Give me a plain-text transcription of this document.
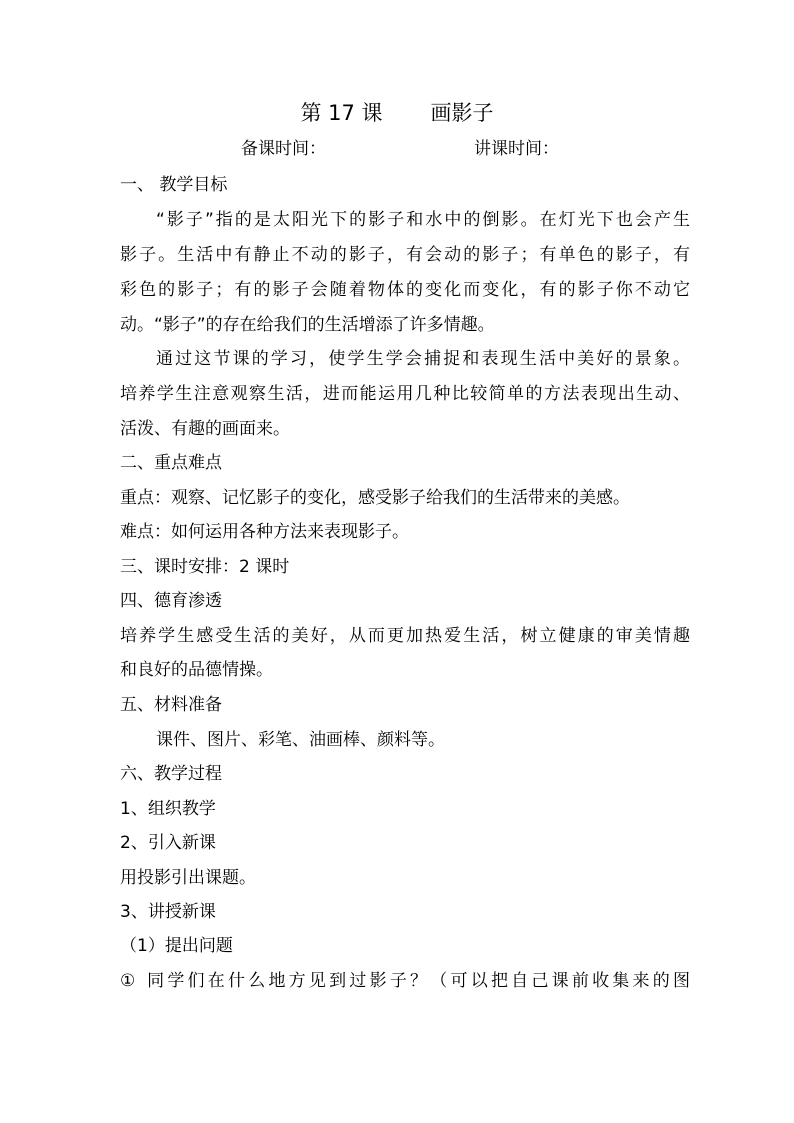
第 17 课 画影子
备课时间：	讲课时间：
一、 教学目标
“影子”指的是太阳光下的影子和水中的倒影。在灯光下也会产生
影子。生活中有静止不动的影子，有会动的影子；有单色的影子，有
彩色的影子；有的影子会随着物体的变化而变化，有的影子你不动它
动。“影子”的存在给我们的生活增添了许多情趣。
通过这节课的学习，使学生学会捕捉和表现生活中美好的景象。
培养学生注意观察生活，进而能运用几种比较简单的方法表现出生动、
活泼、有趣的画面来。
二、重点难点
重点：观察、记忆影子的变化，感受影子给我们的生活带来的美感。
难点：如何运用各种方法来表现影子。
三、课时安排：2 课时
四、德育渗透
培养学生感受生活的美好，从而更加热爱生活，树立健康的审美情趣
和良好的品德情操。
五、材料准备
课件、图片、彩笔、油画棒、颜料等。
六、教学过程
1、组织教学
2、引入新课
用投影引出课题。
3、讲授新课
（1）提出问题
① 同学们在什么地方见到过影子？（可以把自己课前收集来的图
